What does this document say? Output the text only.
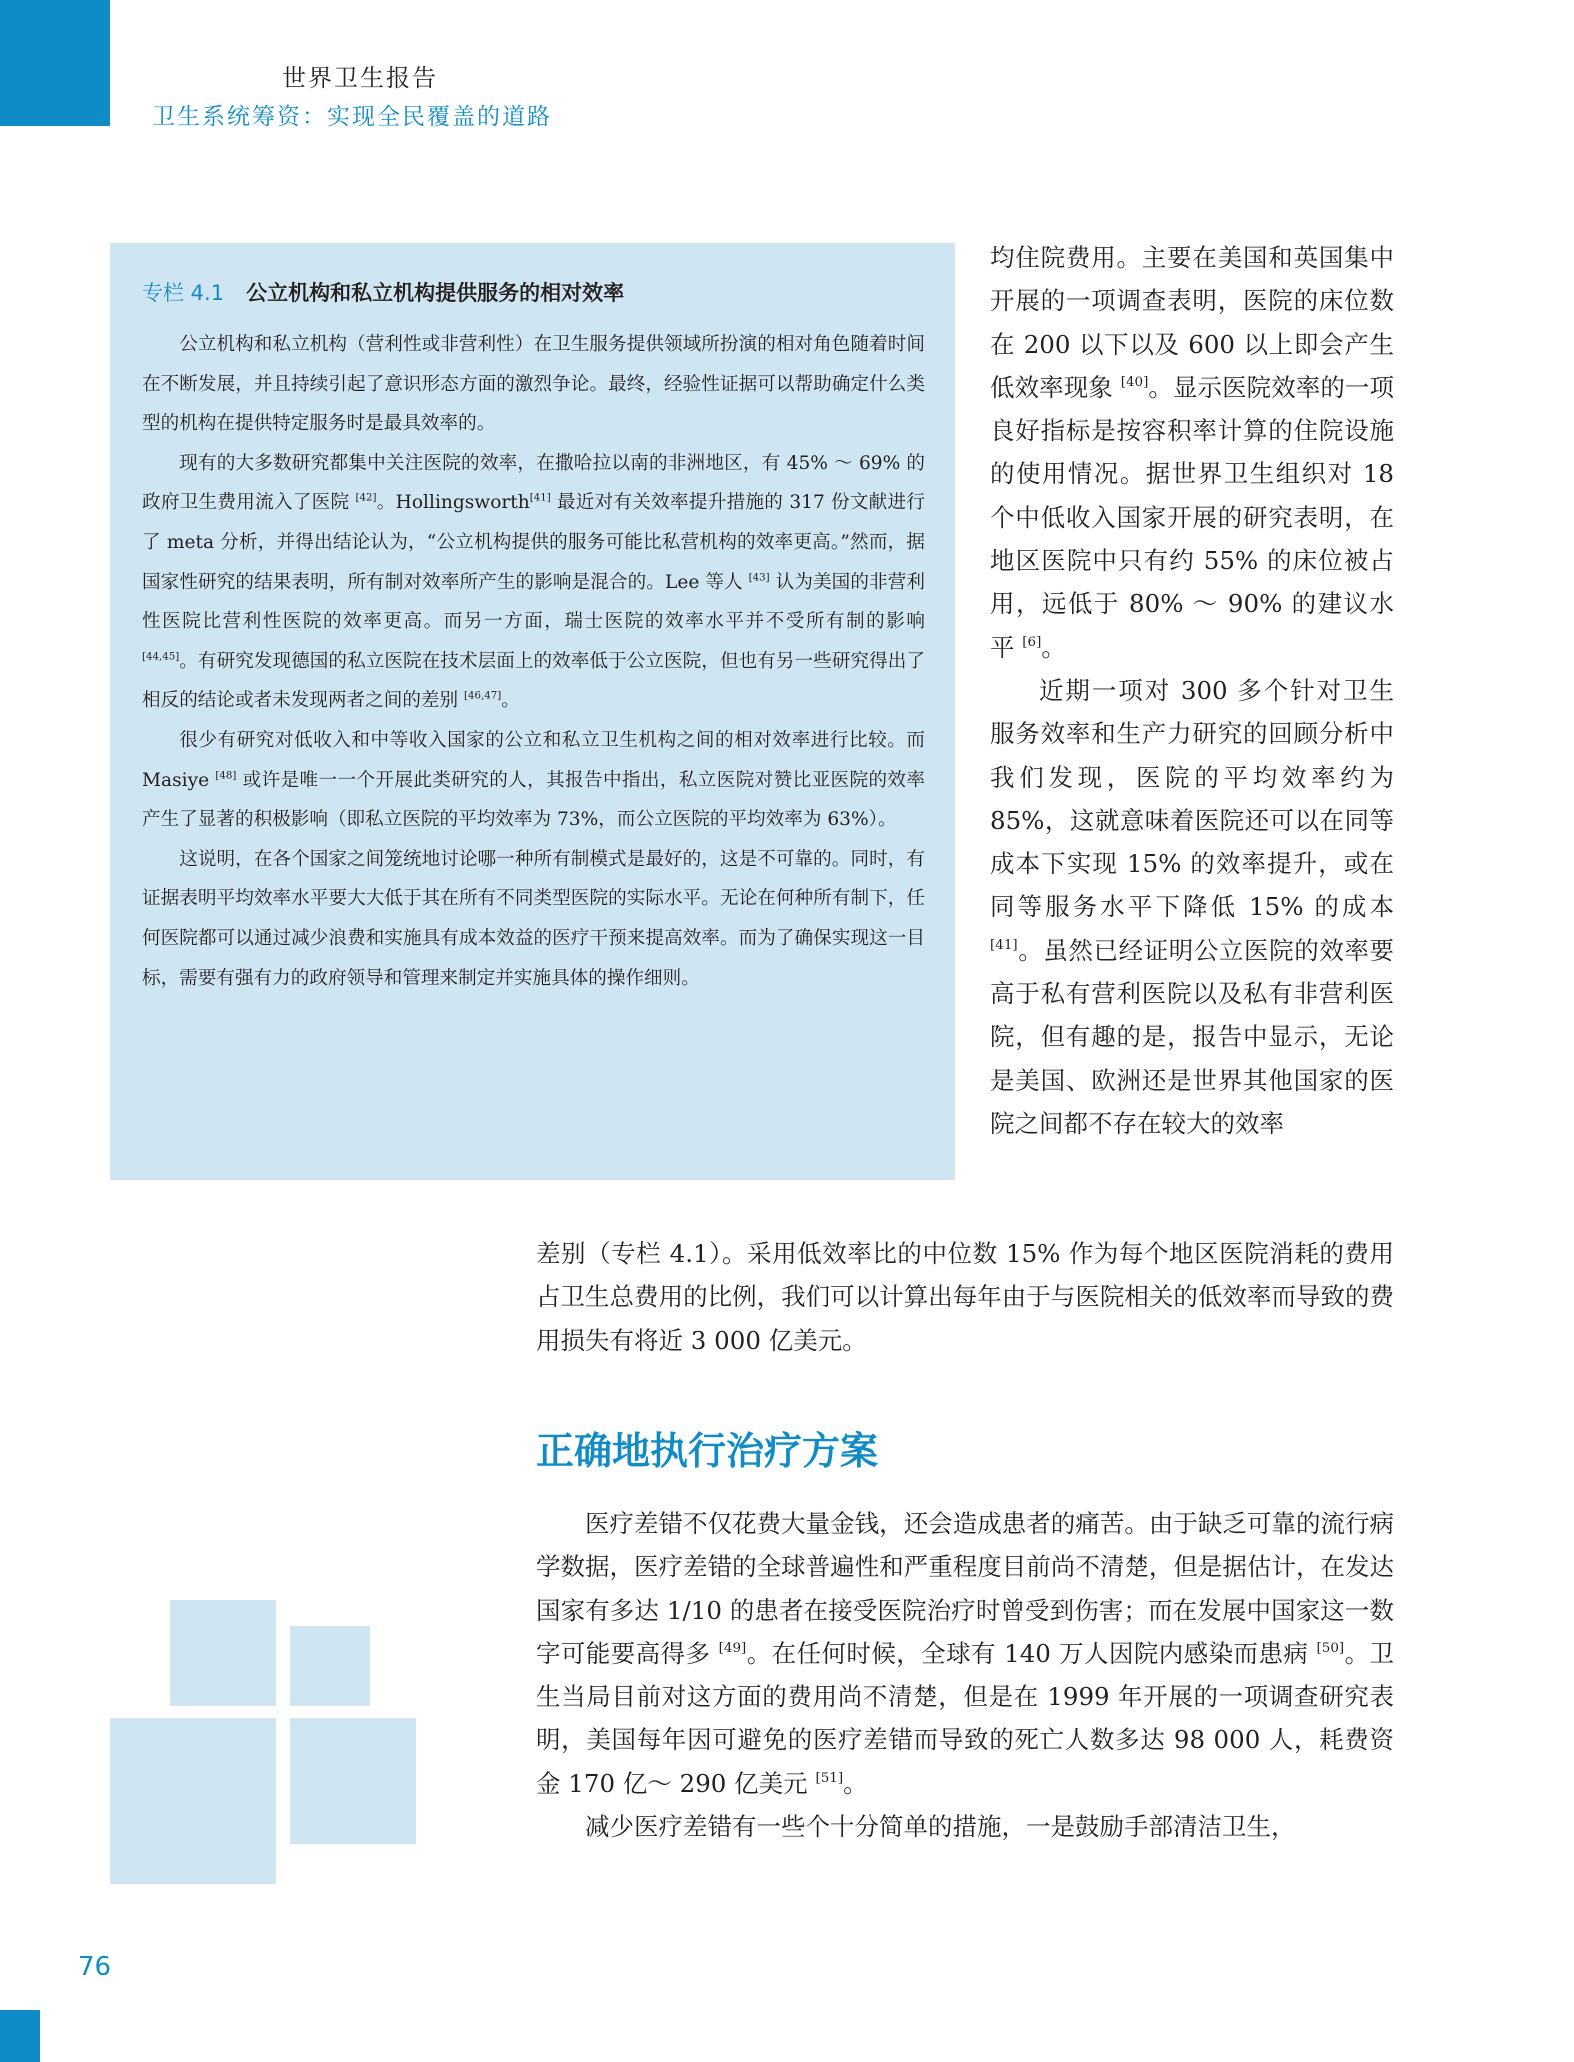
世界卫生报告
卫生系统筹资：实现全民覆盖的道路
专栏 4.1 公立机构和私立机构提供服务的相对效率

公立机构和私立机构（营利性或非营利性）在卫生服务提供领域所扮演的相对角色随着时间在不断发展，并且持续引起了意识形态方面的激烈争论。最终，经验性证据可以帮助确定什么类型的机构在提供特定服务时是最具效率的。

现有的大多数研究都集中关注医院的效率，在撒哈拉以南的非洲地区，有 45% ～ 69% 的政府卫生费用流入了医院 [42]。Hollingsworth[41] 最近对有关效率提升措施的 317 份文献进行了 meta 分析，并得出结论认为，“公立机构提供的服务可能比私营机构的效率更高。”然而，据国家性研究的结果表明，所有制对效率所产生的影响是混合的。Lee 等人 [43] 认为美国的非营利性医院比营利性医院的效率更高。而另一方面，瑞士医院的效率水平并不受所有制的影响 [44,45]。有研究发现德国的私立医院在技术层面上的效率低于公立医院，但也有另一些研究得出了相反的结论或者未发现两者之间的差别 [46,47]。

很少有研究对低收入和中等收入国家的公立和私立卫生机构之间的相对效率进行比较。而 Masiye [48] 或许是唯一一个开展此类研究的人，其报告中指出，私立医院对赞比亚医院的效率产生了显著的积极影响（即私立医院的平均效率为 73%，而公立医院的平均效率为 63%）。

这说明，在各个国家之间笼统地讨论哪一种所有制模式是最好的，这是不可靠的。同时，有证据表明平均效率水平要大大低于其在所有不同类型医院的实际水平。无论在何种所有制下，任何医院都可以通过减少浪费和实施具有成本效益的医疗干预来提高效率。而为了确保实现这一目标，需要有强有力的政府领导和管理来制定并实施具体的操作细则。

均住院费用。主要在美国和英国集中开展的一项调查表明，医院的床位数在 200 以下以及 600 以上即会产生低效率现象 [40]。显示医院效率的一项良好指标是按容积率计算的住院设施的使用情况。据世界卫生组织对 18 个中低收入国家开展的研究表明，在地区医院中只有约 55% 的床位被占用，远低于 80% ～ 90% 的建议水平 [6]。

近期一项对 300 多个针对卫生服务效率和生产力研究的回顾分析中我们发现，医院的平均效率约为 85%，这就意味着医院还可以在同等成本下实现 15% 的效率提升，或在同等服务水平下降低 15% 的成本 [41]。虽然已经证明公立医院的效率要高于私有营利医院以及私有非营利医院，但有趣的是，报告中显示，无论是美国、欧洲还是世界其他国家的医院之间都不存在较大的效率

差别（专栏 4.1）。采用低效率比的中位数 15% 作为每个地区医院消耗的费用占卫生总费用的比例，我们可以计算出每年由于与医院相关的低效率而导致的费用损失有将近 3 000 亿美元。

正确地执行治疗方案

医疗差错不仅花费大量金钱，还会造成患者的痛苦。由于缺乏可靠的流行病学数据，医疗差错的全球普遍性和严重程度目前尚不清楚，但是据估计，在发达国家有多达 1/10 的患者在接受医院治疗时曾受到伤害；而在发展中国家这一数字可能要高得多 [49]。在任何时候，全球有 140 万人因院内感染而患病 [50]。卫生当局目前对这方面的费用尚不清楚，但是在 1999 年开展的一项调查研究表明，美国每年因可避免的医疗差错而导致的死亡人数多达 98 000 人，耗费资金 170 亿～ 290 亿美元 [51]。

减少医疗差错有一些个十分简单的措施，一是鼓励手部清洁卫生，

76
